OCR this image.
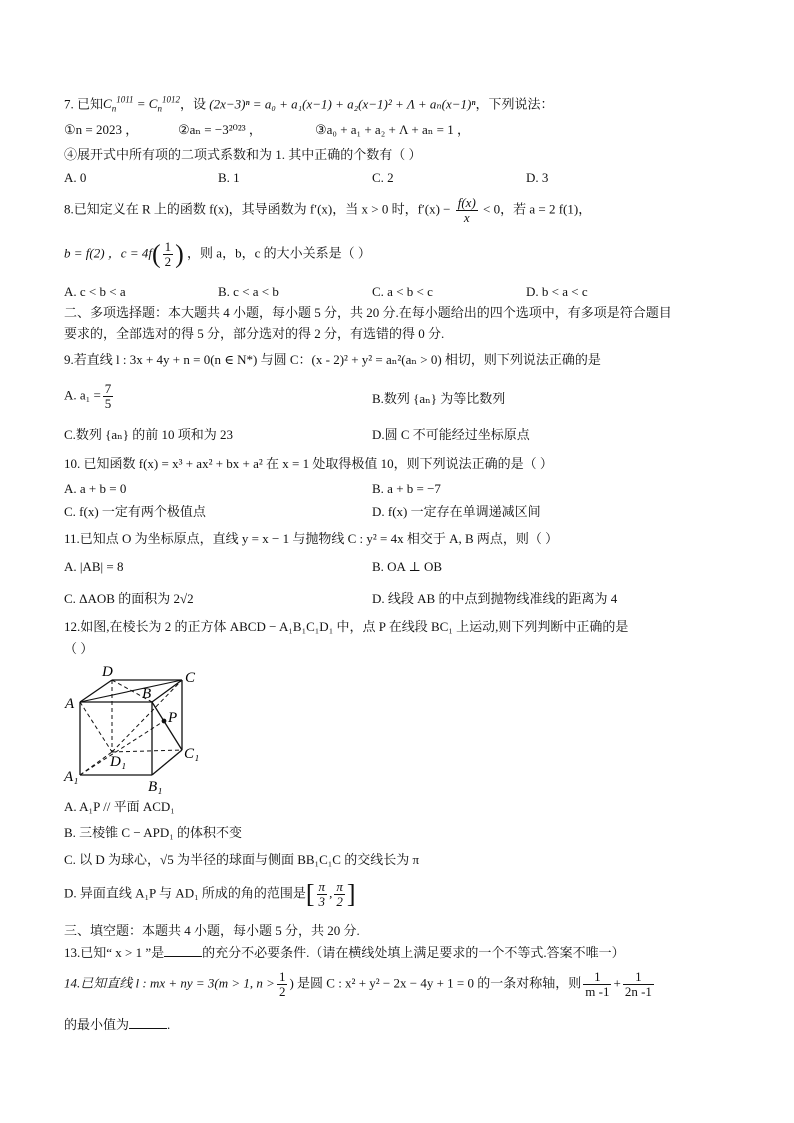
7. 已知$C_n^{1011} = C_n^{1012}$，设 (2x−3)ⁿ = a₀ + a₁(x−1) + a₂(x−1)² + Λ + aₙ(x−1)ⁿ，下列说法：
①n = 2023 ，	②aₙ = −3²⁰²³ ，	③a₀ + a₁ + a₂ + Λ + aₙ = 1 ，
④展开式中所有项的二项式系数和为 1. 其中正确的个数有（ ）
A. 0	B. 1	C. 2	D. 3
8.已知定义在 R 上的函数 f(x)，其导函数为 f′(x)，当 x > 0 时，$f'(x) - \frac{f(x)}{x} < 0$，若 a = 2 f(1)，
b = f(2) ，$c = 4f( \frac{1}{2}$ ) ，则 a，b，c 的大小关系是（ ）
A. c < b < a	B. c < a < b	C. a < b < c	D. b < a < c
二、多项选择题：本大题共 4 小题，每小题 5 分，共 20 分.在每小题给出的四个选项中，有多项是符合题目
要求的，全部选对的得 5 分，部分选对的得 2 分，有选错的得 0 分.
9.若直线 l : 3x + 4y + n = 0(n ∈ N*) 与圆 C：(x - 2)² + y² = aₙ²(aₙ > 0) 相切，则下列说法正确的是
A. $a_1 = \frac{7}{5}$	B.数列 {aₙ} 为等比数列
C.数列 {aₙ} 的前 10 项和为 23	D.圆 C 不可能经过坐标原点
10. 已知函数 f(x) = x³ + ax² + bx + a² 在 x = 1 处取得极值 10，则下列说法正确的是（ ）
A. a + b = 0	B. a + b = −7
C. f(x) 一定有两个极值点	D. f(x) 一定存在单调递减区间
11.已知点 O 为坐标原点，直线 y = x − 1 与抛物线 C : y² = 4x 相交于 A, B 两点，则（ ）
A. |AB| = 8	B. OA ⊥ OB
C. ΔAOB 的面积为 2√2	D. 线段 AB 的中点到抛物线准线的距离为 4
12.如图,在棱长为 2 的正方体 ABCD − A₁B₁C₁D₁ 中，点 P 在线段 BC₁ 上运动,则下列判断中正确的是
（ ）
D	C
B
A
P
C₁
D₁
A₁
B₁
A. A₁P // 平面 ACD₁
B. 三棱锥 C − APD₁ 的体积不变
C. 以 D 为球心，√5 为半径的球面与侧面 BB₁C₁C 的交线长为 π
D. 异面直线 A₁P 与 AD₁ 所成的角的范围是[ $\frac{\pi}{3}$ , $\frac{\pi}{2}$ ]
三、填空题：本题共 4 小题，每小题 5 分，共 20 分.
13.已知“ x > 1 ”是	的充分不必要条件.（请在横线处填上满足要求的一个不等式.答案不唯一）
14.已知直线 l : mx + ny = 3(m > 1, $n > \frac{1}{2}$ ) 是圆 C : x² + y² − 2x − 4y + 1 = 0 的一条对称轴，则 $\frac{1}{m -1} + \frac{1}{2n -1}$
的最小值为	.
